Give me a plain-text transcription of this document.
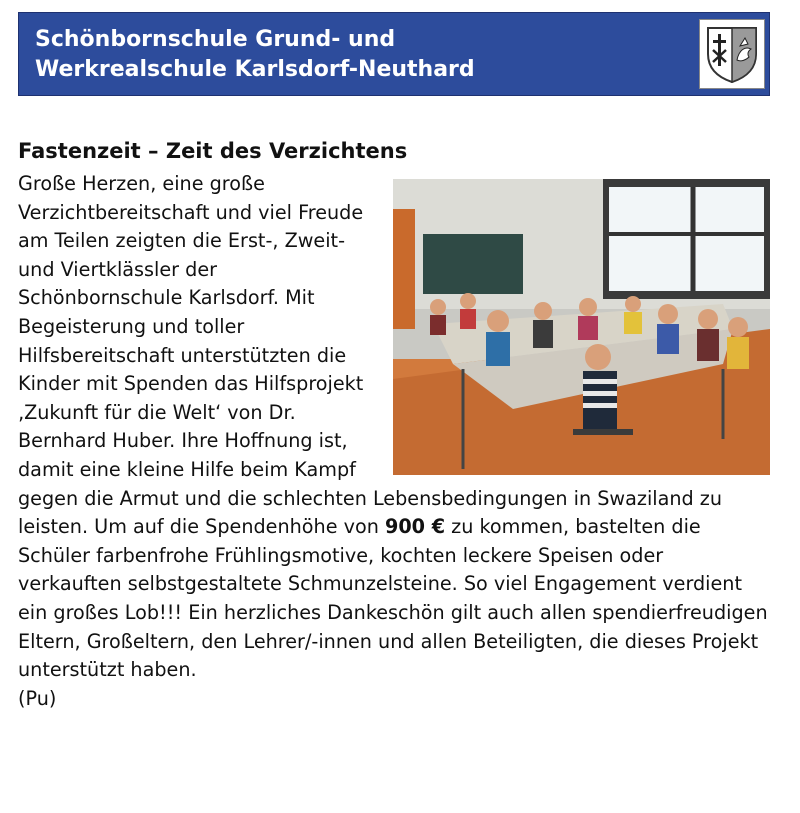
Schönbornschule Grund- und
Werkrealschule Karlsdorf-Neuthard
Fastenzeit – Zeit des Verzichtens

Große Herzen, eine große Verzichtbereitschaft und viel Freude am Teilen zeigten die Erst-, Zweit- und Viertklässler der Schönbornschule Karlsdorf. Mit Begeisterung und toller Hilfsbereitschaft unterstützten die Kinder mit Spenden das Hilfsprojekt ‚Zukunft für die Welt‘ von Dr. Bernhard Huber. Ihre Hoffnung ist, damit eine kleine Hilfe beim Kampf gegen die Armut und die schlechten Lebensbedingungen in Swaziland zu leisten. Um auf die Spendenhöhe von 900 € zu kommen, bastelten die Schüler farbenfrohe Frühlingsmotive, kochten leckere Speisen oder verkauften selbstgestaltete Schmunzelsteine. So viel Engagement verdient ein großes Lob!!! Ein herzliches Dankeschön gilt auch allen spendierfreudigen Eltern, Großeltern, den Lehrer/-innen und allen Beteiligten, die dieses Projekt unterstützt haben.
(Pu)
